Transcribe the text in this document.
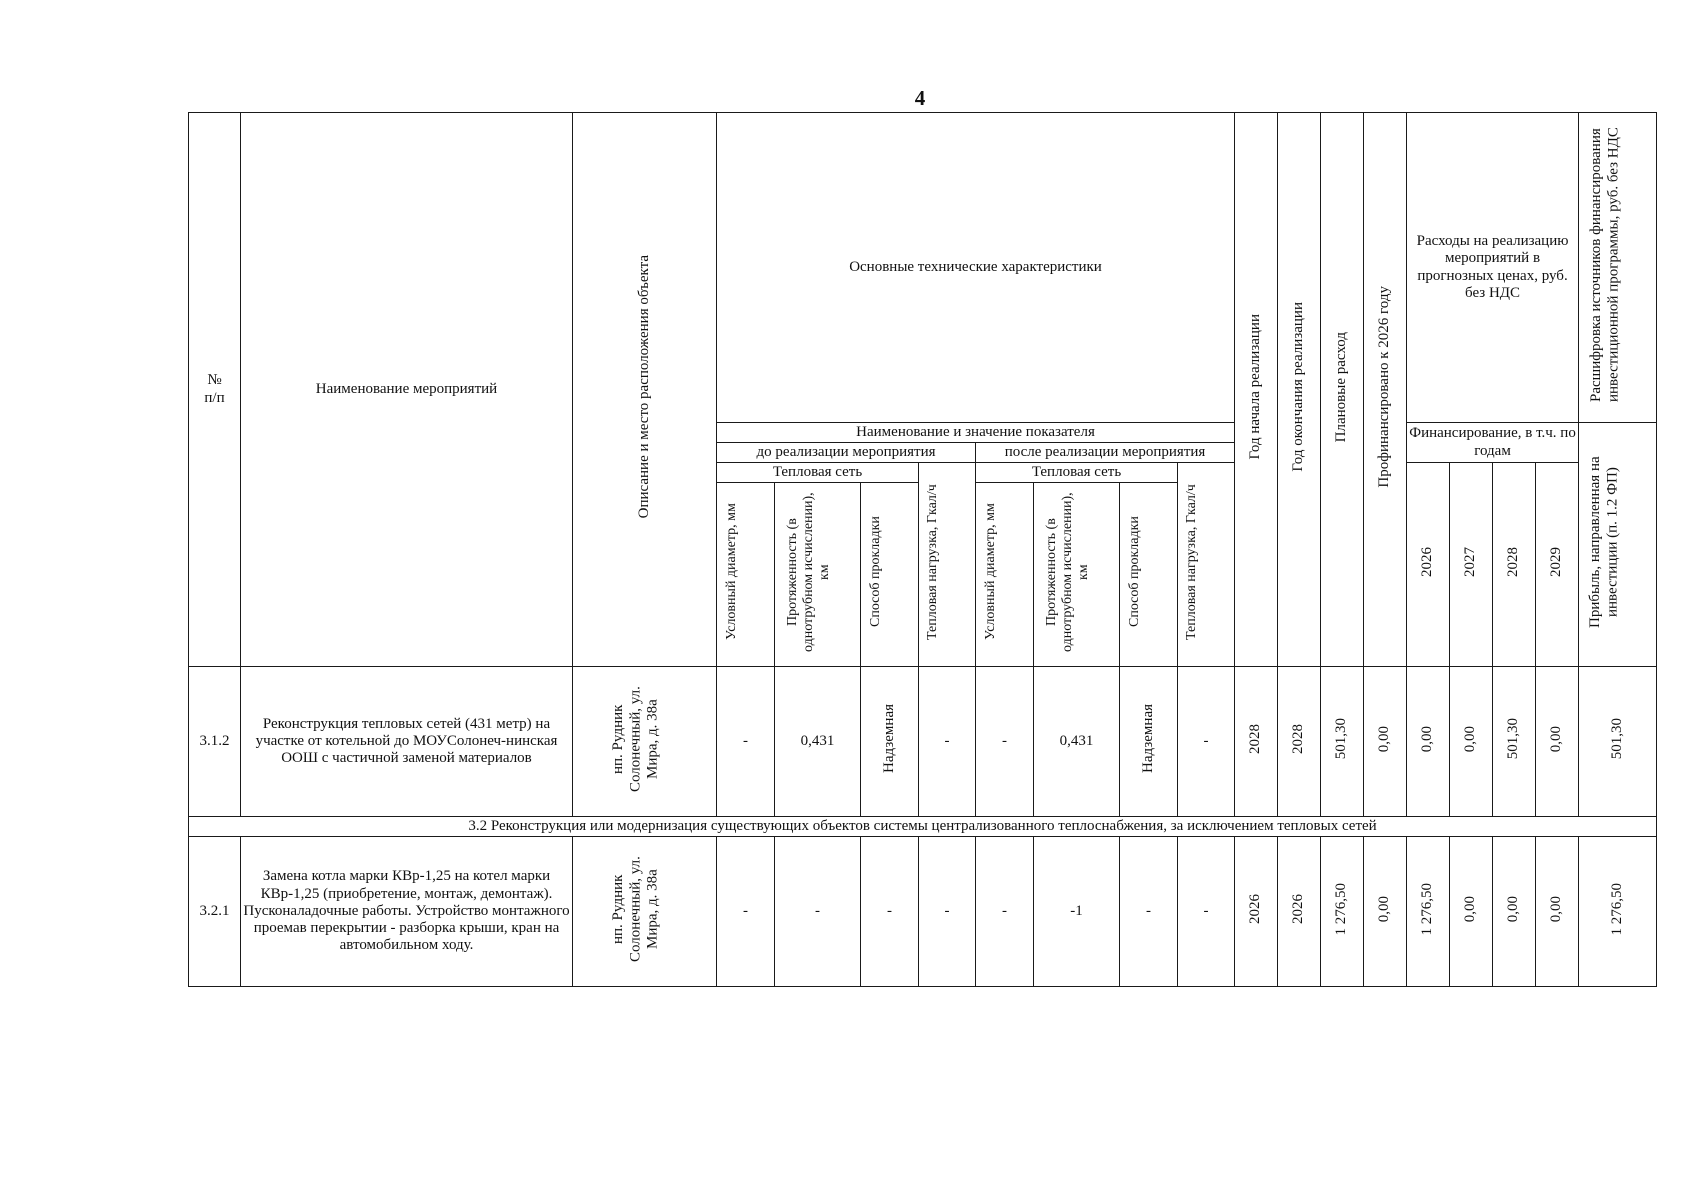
4
№ п/п	Наименование мероприятий	Описание и место расположения объекта	Основные технические характеристики								Год начала реализации	Год окончания реализации	Плановые расход	Профинансировано к 2026 году	Расходы на реализацию мероприятий в прогнозных ценах, руб. без НДС				Расшифровка источников финансирования инвестиционной программы, руб. без НДС
			Наименование и значение показателя												Финансирование, в т.ч. по годам				Прибыль, направленная на инвестиции (п. 1.2 ФП)
			до реализации мероприятия				после реализации мероприятия												
			Тепловая сеть			Тепловая нагрузка, Гкал/ч	Тепловая сеть			Тепловая нагрузка, Гкал/ч					2026	2027	2028	2029	
			Условный диаметр, мм	Протяженность (в однотрубном исчислении), км	Способ прокладки		Условный диаметр, мм	Протяженность (в однотрубном исчислении), км	Способ прокладки										
3.1.2	Реконструкция тепловых сетей (431 метр) на участке от котельной до МОУСолонеч-нинская ООШ с частичной заменой материалов	нп. Рудник Солонечный, ул. Мира, д. 38а	-	0,431	Надземная	-	-	0,431	Надземная	-	2028	2028	501,30	0,00	0,00	0,00	501,30	0,00	501,30
3.2 Реконструкция или модернизация существующих объектов системы централизованного теплоснабжения, за исключением тепловых сетей																			
3.2.1	Замена котла марки КВр-1,25 на котел марки КВр-1,25 (приобретение, монтаж, демонтаж). Пусконаладочные работы. Устройство монтажного проемав перекрытии - разборка крыши, кран на автомобильном ходу.	нп. Рудник Солонечный, ул. Мира, д. 38а	-	-	-	-	-	-1	-	-	2026	2026	1 276,50	0,00	1 276,50	0,00	0,00	0,00	1 276,50
